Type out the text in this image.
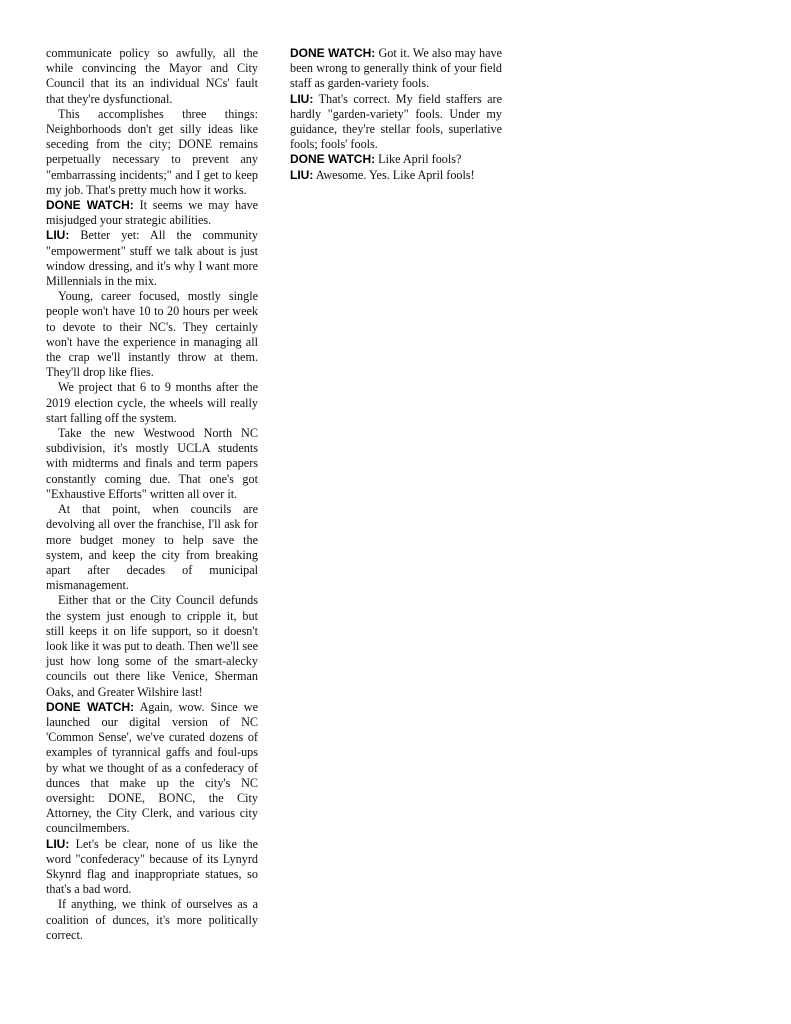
communicate policy so awfully, all the while convincing the Mayor and City Council that its an individual NCs' fault that they're dysfunctional.

This accomplishes three things: Neighborhoods don't get silly ideas like seceding from the city; DONE remains perpetually necessary to prevent any "embarrassing incidents;" and I get to keep my job. That's pretty much how it works.

DONE WATCH: It seems we may have misjudged your strategic abilities.

LIU: Better yet: All the community "empowerment" stuff we talk about is just window dressing, and it's why I want more Millennials in the mix.

Young, career focused, mostly single people won't have 10 to 20 hours per week to devote to their NC's. They certainly won't have the experience in managing all the crap we'll instantly throw at them. They'll drop like flies.

We project that 6 to 9 months after the 2019 election cycle, the wheels will really start falling off the system.

Take the new Westwood North NC subdivision, it's mostly UCLA students with midterms and finals and term papers constantly coming due. That one's got "Exhaustive Efforts" written all over it.

At that point, when councils are devolving all over the franchise, I'll ask for more budget money to help save the system, and keep the city from breaking apart after decades of municipal mismanagement.

Either that or the City Council defunds the system just enough to cripple it, but still keeps it on life support, so it doesn't look like it was put to death. Then we'll see just how long some of the smart-alecky councils out there like Venice, Sherman Oaks, and Greater Wilshire last!

DONE WATCH: Again, wow. Since we launched our digital version of NC 'Common Sense', we've curated dozens of examples of tyrannical gaffs and foul-ups by what we thought of as a confederacy of dunces that make up the city's NC oversight: DONE, BONC, the City Attorney, the City Clerk, and various city councilmembers.

LIU: Let's be clear, none of us like the word "confederacy" because of its Lynyrd Skynrd flag and inappropriate statues, so that's a bad word.

If anything, we think of ourselves as a coalition of dunces, it's more politically correct.

DONE WATCH: Got it. We also may have been wrong to generally think of your field staff as garden-variety fools.

LIU: That's correct. My field staffers are hardly "garden-variety" fools. Under my guidance, they're stellar fools, superlative fools; fools' fools.

DONE WATCH: Like April fools?

LIU: Awesome. Yes. Like April fools!
